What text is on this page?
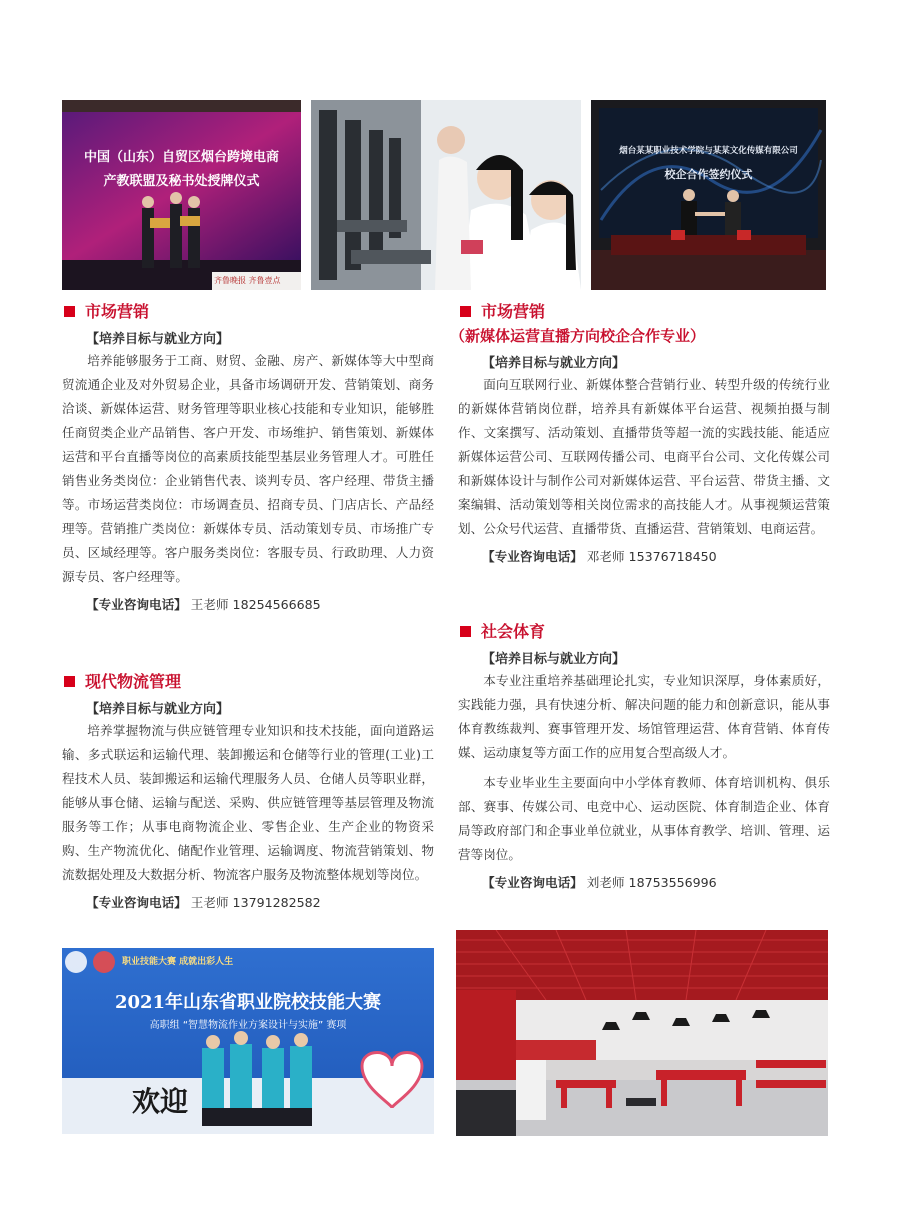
中国（山东）自贸区烟台跨境电商
产教联盟及秘书处授牌仪式
齐鲁晚报 齐鲁壹点
烟台某某职业技术学院与某某文化传媒有限公司
校企合作签约仪式
市场营销
【培养目标与就业方向】

培养能够服务于工商、财贸、金融、房产、新媒体等大中型商贸流通企业及对外贸易企业，具备市场调研开发、营销策划、商务洽谈、新媒体运营、财务管理等职业核心技能和专业知识，能够胜任商贸类企业产品销售、客户开发、市场维护、销售策划、新媒体运营和平台直播等岗位的高素质技能型基层业务管理人才。可胜任销售业务类岗位：企业销售代表、谈判专员、客户经理、带货主播等。市场运营类岗位：市场调查员、招商专员、门店店长、产品经理等。营销推广类岗位：新媒体专员、活动策划专员、市场推广专员、区域经理等。客户服务类岗位：客服专员、行政助理、人力资源专员、客户经理等。

【专业咨询电话】 王老师 18254566685
现代物流管理
【培养目标与就业方向】

培养掌握物流与供应链管理专业知识和技术技能，面向道路运输、多式联运和运输代理、装卸搬运和仓储等行业的管理(工业)工程技术人员、装卸搬运和运输代理服务人员、仓储人员等职业群，能够从事仓储、运输与配送、采购、供应链管理等基层管理及物流服务等工作；从事电商物流企业、零售企业、生产企业的物资采购、生产物流优化、储配作业管理、运输调度、物流营销策划、物流数据处理及大数据分析、物流客户服务及物流整体规划等岗位。

【专业咨询电话】 王老师 13791282582
市场营销
（新媒体运营直播方向校企合作专业）
【培养目标与就业方向】

面向互联网行业、新媒体整合营销行业、转型升级的传统行业的新媒体营销岗位群，培养具有新媒体平台运营、视频拍摄与制作、文案撰写、活动策划、直播带货等超一流的实践技能、能适应新媒体运营公司、互联网传播公司、电商平台公司、文化传媒公司和新媒体设计与制作公司对新媒体运营、平台运营、带货主播、文案编辑、活动策划等相关岗位需求的高技能人才。从事视频运营策划、公众号代运营、直播带货、直播运营、营销策划、电商运营。

【专业咨询电话】 邓老师 15376718450
社会体育
【培养目标与就业方向】

本专业注重培养基础理论扎实，专业知识深厚，身体素质好，实践能力强，具有快速分析、解决问题的能力和创新意识，能从事体育教练裁判、赛事管理开发、场馆管理运营、体育营销、体育传媒、运动康复等方面工作的应用复合型高级人才。

本专业毕业生主要面向中小学体育教师、体育培训机构、俱乐部、赛事、传媒公司、电竞中心、运动医院、体育制造企业、体育局等政府部门和企事业单位就业，从事体育教学、培训、管理、运营等岗位。

【专业咨询电话】 刘老师 18753556996
职业技能大赛 成就出彩人生
2021年山东省职业院校技能大赛
高职组 “智慧物流作业方案设计与实施” 赛项
欢迎
